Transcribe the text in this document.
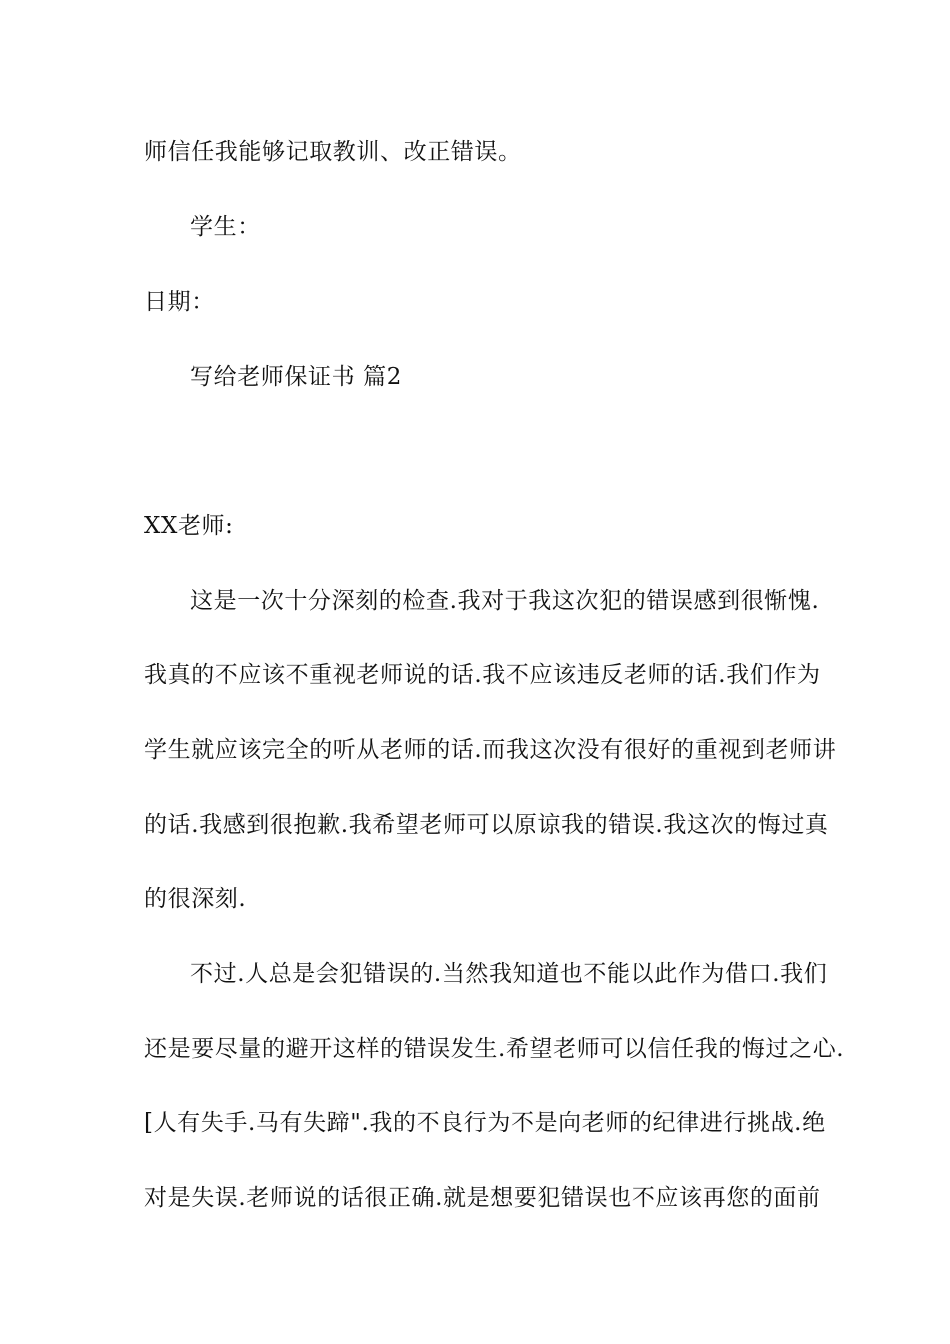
师信任我能够记取教训、改正错误。
学生：
日期：
写给老师保证书 篇2
XX老师:
这是一次十分深刻的检查.我对于我这次犯的错误感到很惭愧.
我真的不应该不重视老师说的话.我不应该违反老师的话.我们作为
学生就应该完全的听从老师的话.而我这次没有很好的重视到老师讲
的话.我感到很抱歉.我希望老师可以原谅我的错误.我这次的悔过真
的很深刻.
不过.人总是会犯错误的.当然我知道也不能以此作为借口.我们
还是要尽量的避开这样的错误发生.希望老师可以信任我的悔过之心.
[人有失手.马有失蹄".我的不良行为不是向老师的纪律进行挑战.绝
对是失误.老师说的话很正确.就是想要犯错误也不应该再您的面前
